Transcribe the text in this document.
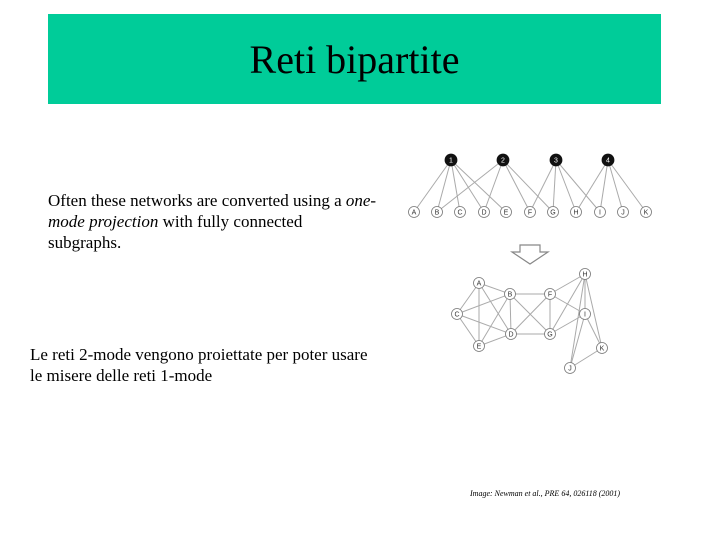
Reti bipartite
Often these networks are converted using a one-mode projection with fully connected subgraphs.
Le reti 2-mode vengono proiettate per poter usare le misere delle reti 1-mode
Image: Newman et al., PRE 64, 026118 (2001)
1	2	3	4
A	B	C	D E	F	G	H	I	J	K
A
B
C
D
E
F
G
H
I
J
K
